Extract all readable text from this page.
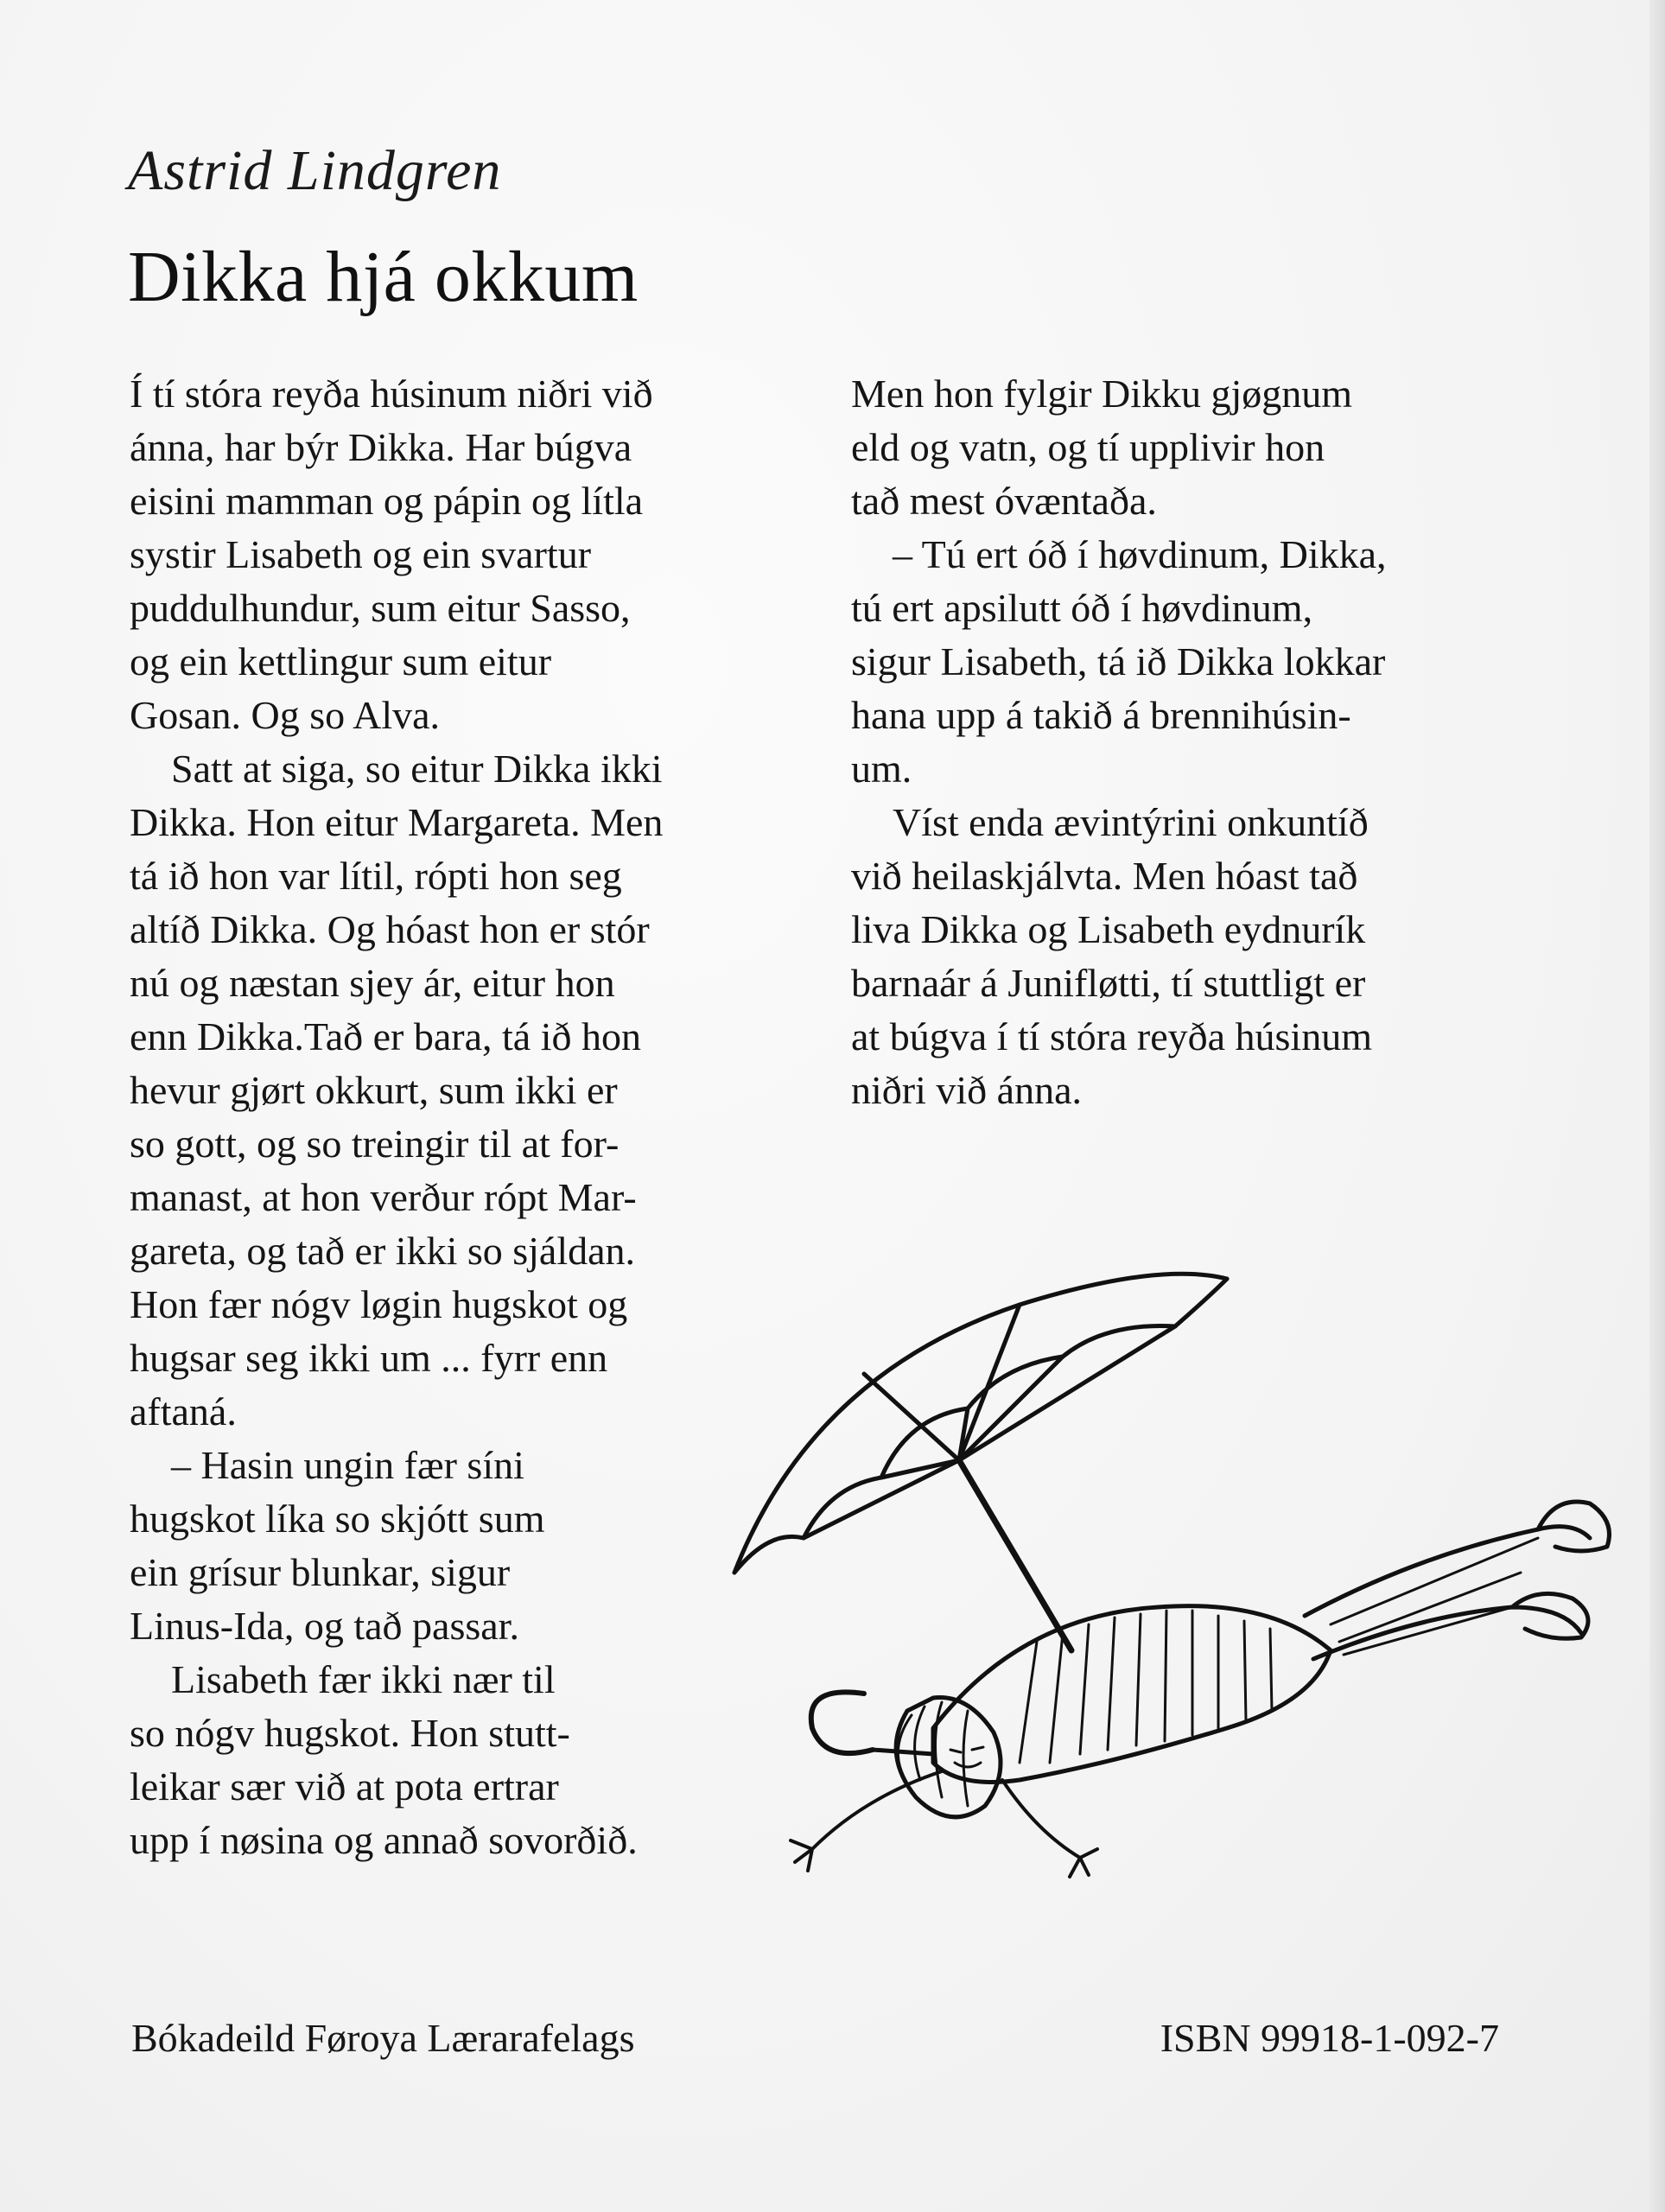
Astrid Lindgren
Dikka hjá okkum
Í tí stóra reyða húsinum niðri við
ánna, har býr Dikka. Har búgva
eisini mamman og pápin og lítla
systir Lisabeth og ein svartur
puddulhundur, sum eitur Sasso,
og ein kettlingur sum eitur
Gosan. Og so Alva.
Satt at siga, so eitur Dikka ikki
Dikka. Hon eitur Margareta. Men
tá ið hon var lítil, rópti hon seg
altíð Dikka. Og hóast hon er stór
nú og næstan sjey ár, eitur hon
enn Dikka.Tað er bara, tá ið hon
hevur gjørt okkurt, sum ikki er
so gott, og so treingir til at for-
manast, at hon verður rópt Mar-
gareta, og tað er ikki so sjáldan.
Hon fær nógv løgin hugskot og
hugsar seg ikki um ... fyrr enn
aftaná.
– Hasin ungin fær síni
hugskot líka so skjótt sum
ein grísur blunkar, sigur
Linus-Ida, og tað passar.
Lisabeth fær ikki nær til
so nógv hugskot. Hon stutt-
leikar sær við at pota ertrar
upp í nøsina og annað sovorðið.
Men hon fylgir Dikku gjøgnum
eld og vatn, og tí upplivir hon
tað mest óvæntaða.
– Tú ert óð í høvdinum, Dikka,
tú ert apsilutt óð í høvdinum,
sigur Lisabeth, tá ið Dikka lokkar
hana upp á takið á brennihúsin-
um.
Víst enda ævintýrini onkuntíð
við heilaskjálvta. Men hóast tað
liva Dikka og Lisabeth eydnurík
barnaár á Junifløtti, tí stuttligt er
at búgva í tí stóra reyða húsinum
niðri við ánna.
Bókadeild Føroya Lærarafelags	ISBN 99918-1-092-7
